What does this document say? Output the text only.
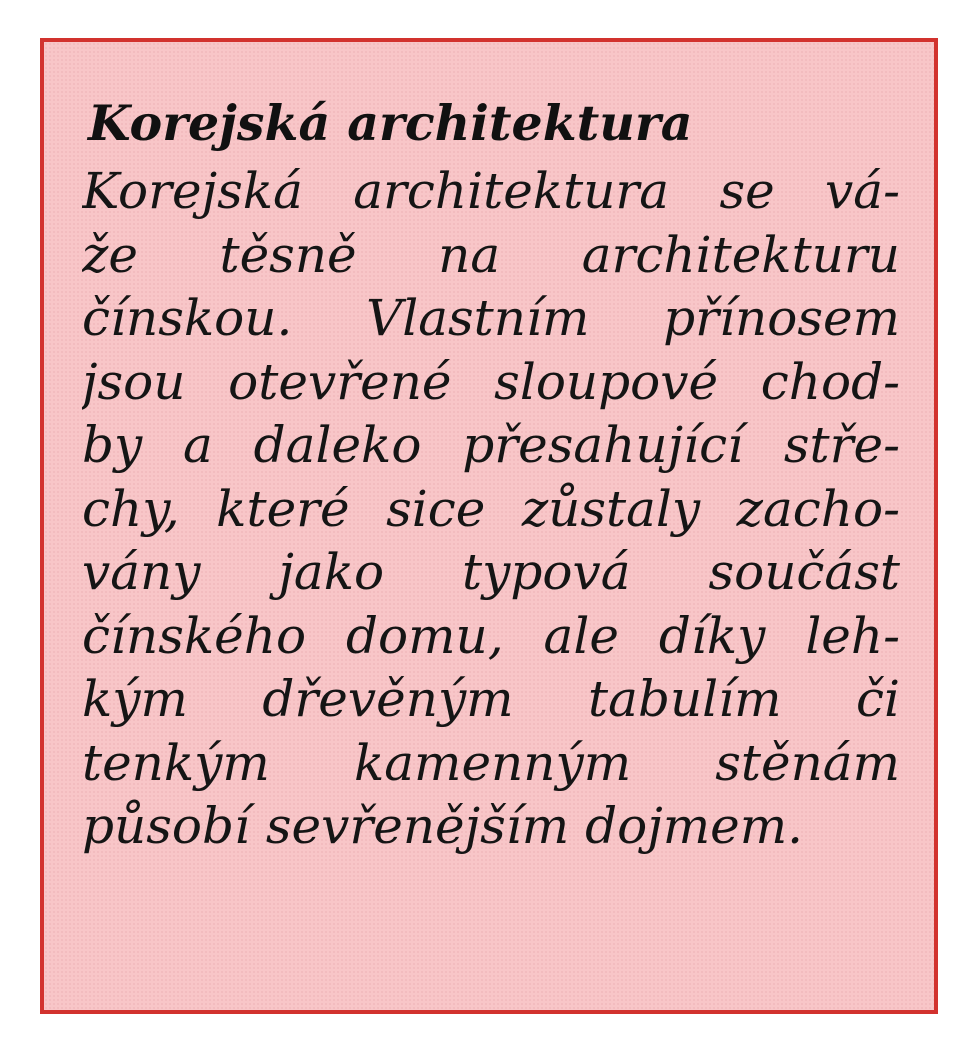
Korejská architektura
Korejská architektura se vá-
že těsně na architekturu
čínskou. Vlastním přínosem
jsou otevřené sloupové chod-
by a daleko přesahující stře-
chy, které sice zůstaly zacho-
vány jako typová součást
čínského domu, ale díky leh-
kým dřevěným tabulím či
tenkým kamenným stěnám
působí sevřenějším dojmem.
